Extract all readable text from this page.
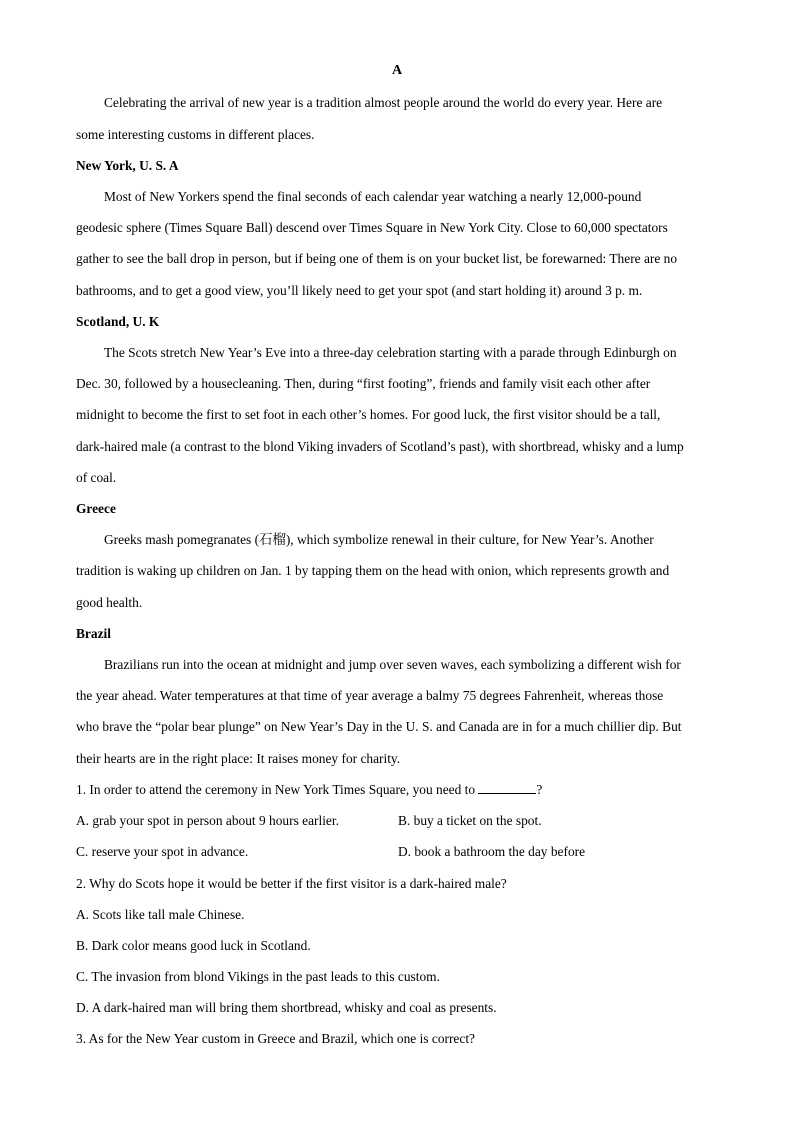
A
Celebrating the arrival of new year is a tradition almost people around the world do every year. Here are
some interesting customs in different places.
New York, U. S. A
Most of New Yorkers spend the final seconds of each calendar year watching a nearly 12,000-pound
geodesic sphere (Times Square Ball) descend over Times Square in New York City. Close to 60,000 spectators
gather to see the ball drop in person, but if being one of them is on your bucket list, be forewarned: There are no
bathrooms, and to get a good view, you’ll likely need to get your spot (and start holding it) around 3 p. m.
Scotland, U. K
The Scots stretch New Year’s Eve into a three-day celebration starting with a parade through Edinburgh on
Dec. 30, followed by a housecleaning. Then, during “first footing”, friends and family visit each other after
midnight to become the first to set foot in each other’s homes. For good luck, the first visitor should be a tall,
dark-haired male (a contrast to the blond Viking invaders of Scotland’s past), with shortbread, whisky and a lump
of coal.
Greece
Greeks mash pomegranates (石榴), which symbolize renewal in their culture, for New Year’s. Another
tradition is waking up children on Jan. 1 by tapping them on the head with onion, which represents growth and
good health.
Brazil
Brazilians run into the ocean at midnight and jump over seven waves, each symbolizing a different wish for
the year ahead. Water temperatures at that time of year average a balmy 75 degrees Fahrenheit, whereas those
who brave the “polar bear plunge” on New Year’s Day in the U. S. and Canada are in for a much chillier dip. But
their hearts are in the right place: It raises money for charity.
1. In order to attend the ceremony in New York Times Square, you need to	?
A. grab your spot in person about 9 hours earlier.	B. buy a ticket on the spot.
C. reserve your spot in advance.	D. book a bathroom the day before
2. Why do Scots hope it would be better if the first visitor is a dark-haired male?
A. Scots like tall male Chinese.
B. Dark color means good luck in Scotland.
C. The invasion from blond Vikings in the past leads to this custom.
D. A dark-haired man will bring them shortbread, whisky and coal as presents.
3. As for the New Year custom in Greece and Brazil, which one is correct?
